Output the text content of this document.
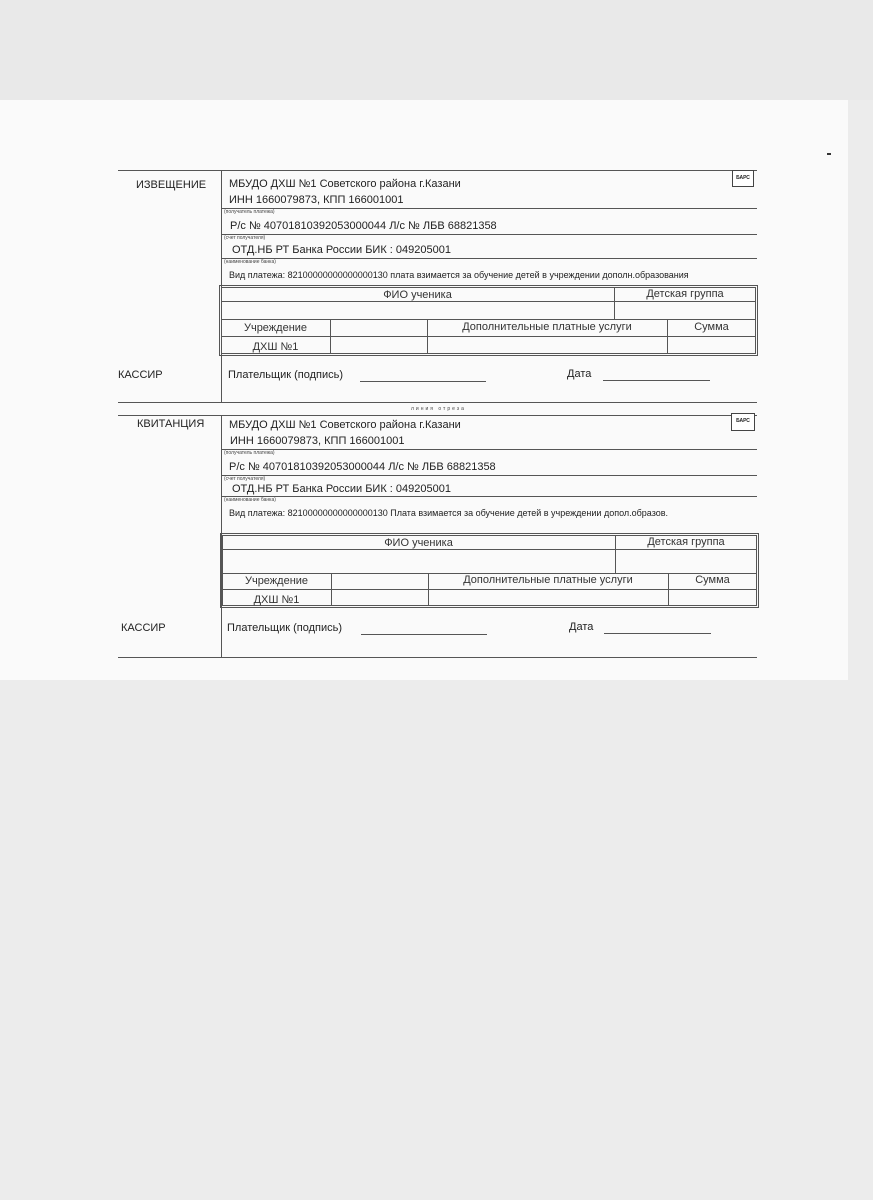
ИЗВЕЩЕНИЕ
БАРС
МБУДО ДХШ №1 Советского района г.Казани
ИНН 1660079873, КПП 166001001
(получатель платежа)
Р/с № 40701810392053000044 Л/с № ЛБВ 68821358
(счет получателя)
ОТД.НБ РТ Банка России БИК : 049205001
(наименование банка)
Вид платежа: 82100000000000000130 плата взимается за обучение детей в учреждении дополн.образования
ФИО ученика	Детская группа
Учреждение	Дополнительные платные услуги	Сумма
ДХШ №1
КАССИР	Плательщик (подпись)	Дата
линия отреза
КВИТАНЦИЯ	БАРС
МБУДО ДХШ №1 Советского района г.Казани
ИНН 1660079873, КПП 166001001
(получатель платежа)
Р/с № 40701810392053000044 Л/с № ЛБВ 68821358
(счет получателя)
ОТД.НБ РТ Банка России БИК : 049205001
(наименование банка)
Вид платежа: 82100000000000000130 Плата взимается за обучение детей в учреждении допол.образов.
ФИО ученика	Детская группа
Учреждение	Дополнительные платные услуги	Сумма
ДХШ №1
КАССИР	Плательщик (подпись)	Дата
